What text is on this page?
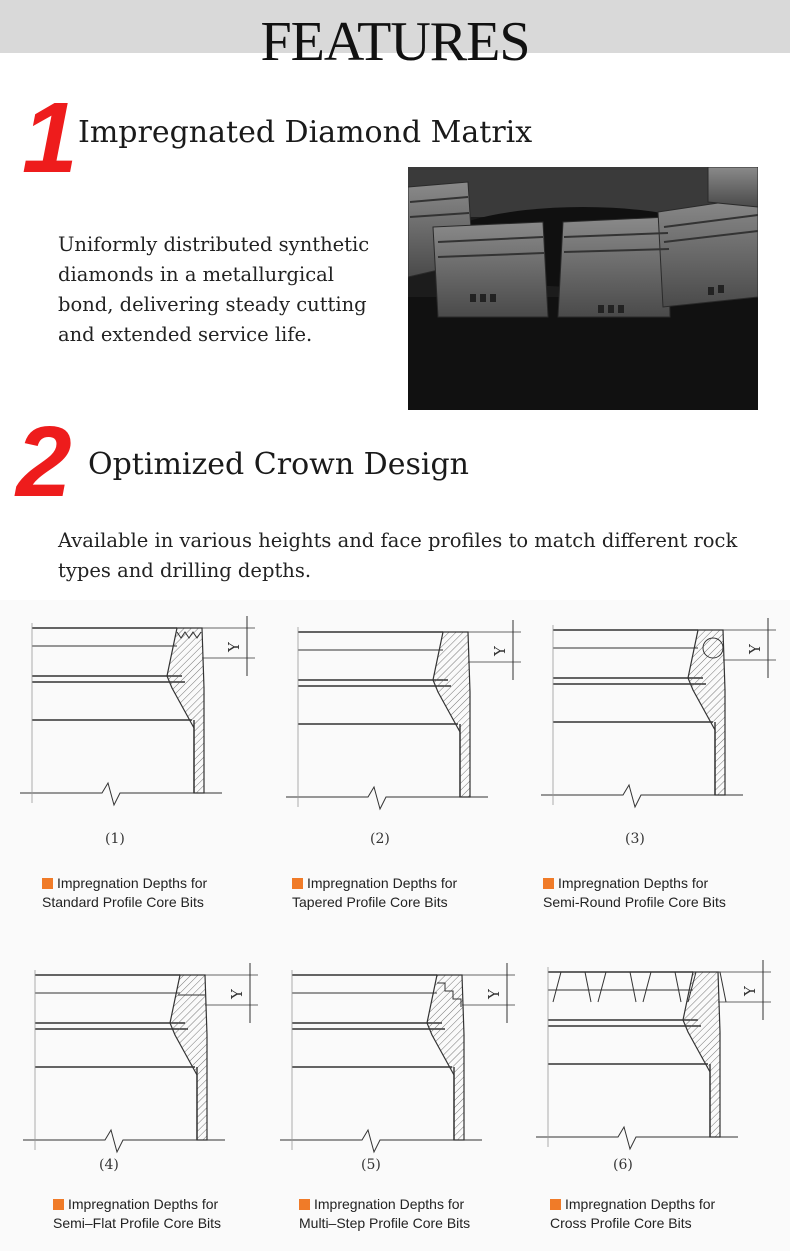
FEATURES
1 Impregnated Diamond Matrix
Uniformly distributed synthetic diamonds in a metallurgical bond, delivering steady cutting and extended service life.
2 Optimized Crown Design
Available in various heights and face profiles to match different rock types and drilling depths.
Y	Y	Y
Y	Y	Y
(1)	(2)	(3)
(4)	(5)	(6)
Impregnation Depths for
Standard Profile Core Bits
Impregnation Depths for
Tapered Profile Core Bits
Impregnation Depths for
Semi-Round Profile Core Bits
Impregnation Depths for
Semi–Flat Profile Core Bits
Impregnation Depths for
Multi–Step Profile Core Bits
Impregnation Depths for
Cross Profile Core Bits
